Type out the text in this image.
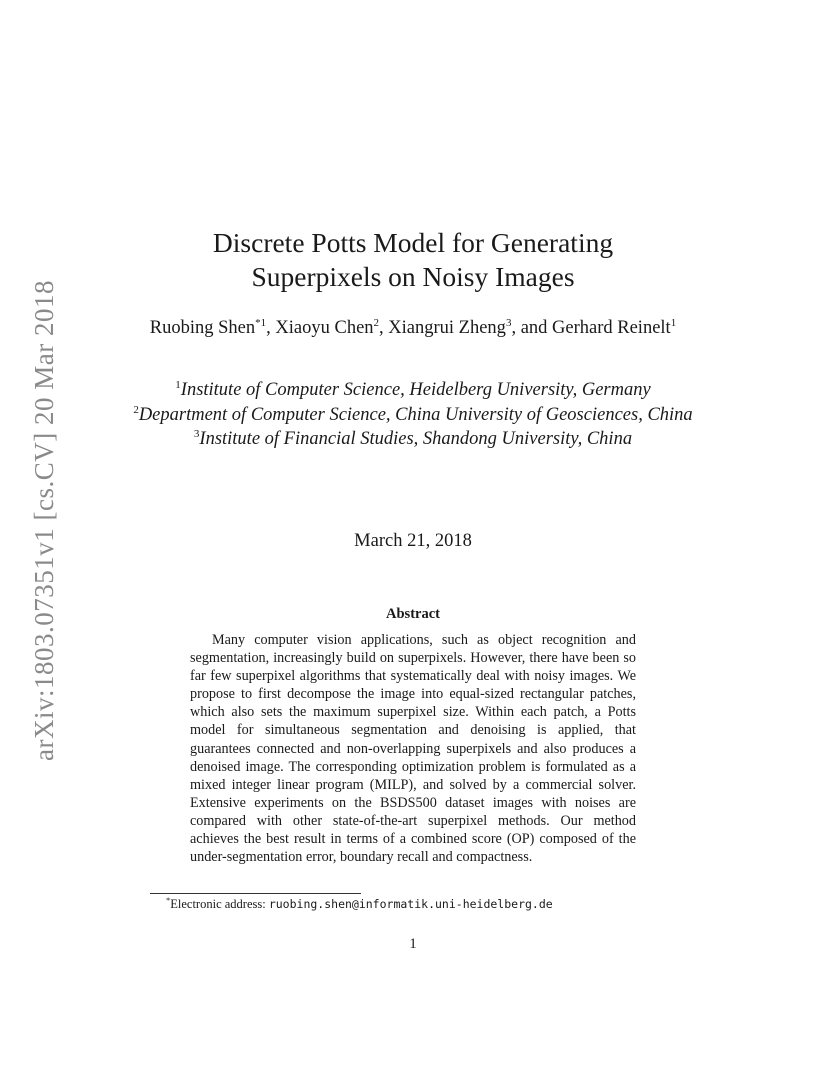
arXiv:1803.07351v1 [cs.CV] 20 Mar 2018
Discrete Potts Model for Generating
Superpixels on Noisy Images
Ruobing Shen$^{*1}$, Xiaoyu Chen$^2$, Xiangrui Zheng$^3$, and Gerhard Reinelt$^1$
$^1$Institute of Computer Science, Heidelberg University, Germany
$^2$Department of Computer Science, China University of Geosciences, China
$^3$Institute of Financial Studies, Shandong University, China
March 21, 2018
Abstract

Many computer vision applications, such as object recognition and segmentation, increasingly build on superpixels. However, there have been so far few superpixel algorithms that systematically deal with noisy images. We propose to first decompose the image into equal-sized rectangular patches, which also sets the maximum superpixel size. Within each patch, a Potts model for simultaneous segmentation and denoising is applied, that guarantees connected and non-overlapping superpixels and also produces a denoised image. The corresponding optimization problem is formulated as a mixed integer linear program (MILP), and solved by a commercial solver. Extensive experiments on the BSDS500 dataset images with noises are compared with other state-of-the-art superpixel methods. Our method achieves the best result in terms of a combined score (OP) composed of the under-segmentation error, boundary recall and compactness.

*Electronic address: ruobing.shen@informatik.uni-heidelberg.de
1
